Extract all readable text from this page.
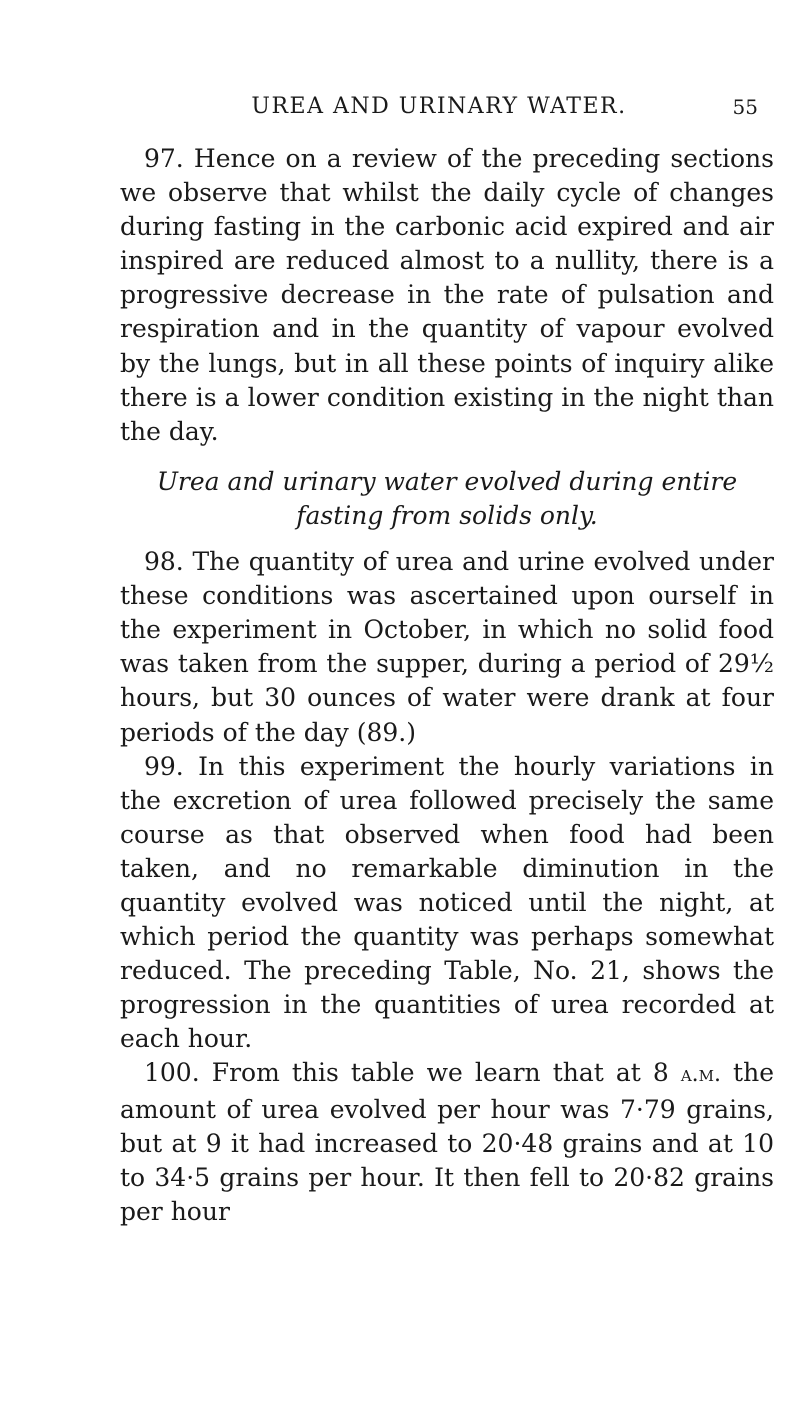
UREA AND URINARY WATER.	55

97. Hence on a review of the preceding sections we observe that whilst the daily cycle of changes during fasting in the carbonic acid expired and air inspired are reduced almost to a nullity, there is a progressive decrease in the rate of pulsation and respiration and in the quantity of vapour evolved by the lungs, but in all these points of inquiry alike there is a lower condition existing in the night than the day.

Urea and urinary water evolved during entire fasting from solids only.

98. The quantity of urea and urine evolved under these conditions was ascertained upon ourself in the experiment in October, in which no solid food was taken from the supper, during a period of 29½ hours, but 30 ounces of water were drank at four periods of the day (89.)

99. In this experiment the hourly variations in the excretion of urea followed precisely the same course as that observed when food had been taken, and no remarkable diminution in the quantity evolved was noticed until the night, at which period the quantity was perhaps somewhat reduced. The preceding Table, No. 21, shows the progression in the quantities of urea recorded at each hour.

100. From this table we learn that at 8 a.m. the amount of urea evolved per hour was 7·79 grains, but at 9 it had increased to 20·48 grains and at 10 to 34·5 grains per hour. It then fell to 20·82 grains per hour
